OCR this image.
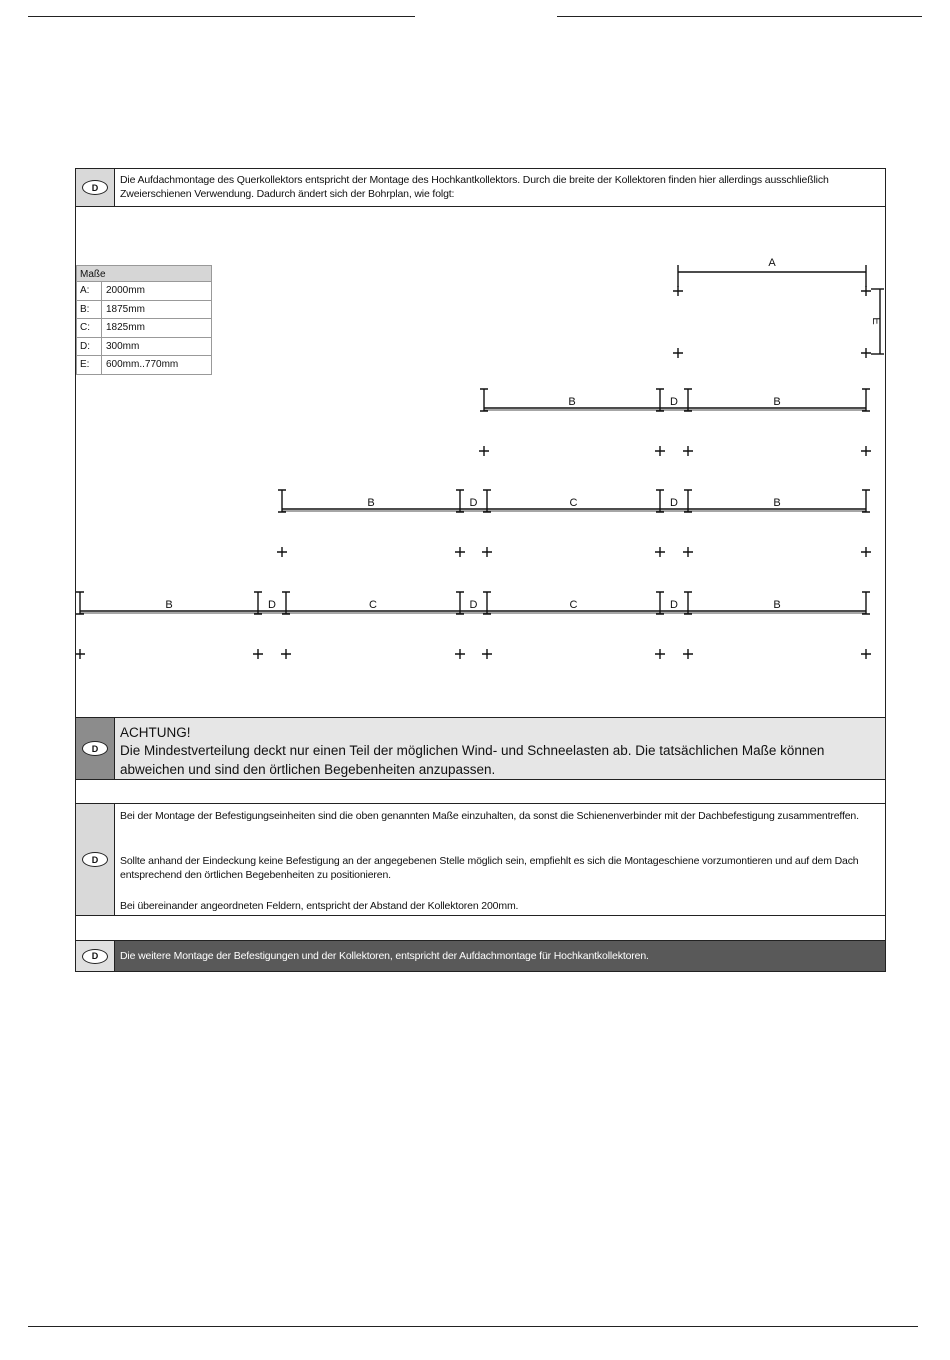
D
Die Aufdachmontage des Querkollektors entspricht der Montage des Hochkantkollektors. Durch die breite der Kollektoren finden hier allerdings ausschließlich Zweierschienen Verwendung. Dadurch ändert sich der Bohrplan, wie folgt:
Maße
A:	2000mm
B:	1875mm
C:	1825mm
D:	300mm
E:	600mm..770mm
B	D	B
B	D	C	D	B
B	D	C	D	C	D	B
A
E
D
ACHTUNG!
Die Mindestverteilung deckt nur einen Teil der möglichen Wind- und Schneelasten ab. Die tatsächlichen Maße können abweichen und sind den örtlichen Begebenheiten anzupassen.
D
Bei der Montage der Befestigungseinheiten sind die oben genannten Maße einzuhalten, da sonst die Schienenverbinder mit der Dachbefestigung zusammentreffen.
Sollte anhand der Eindeckung keine Befestigung an der angegebenen Stelle möglich sein, empfiehlt es sich die Montageschiene vorzumontieren und auf dem Dach entsprechend den örtlichen Begebenheiten zu positionieren.
Bei übereinander angeordneten Feldern, entspricht der Abstand der Kollektoren 200mm.
D	Die weitere Montage der Befestigungen und der Kollektoren, entspricht der Aufdachmontage für Hochkantkollektoren.
